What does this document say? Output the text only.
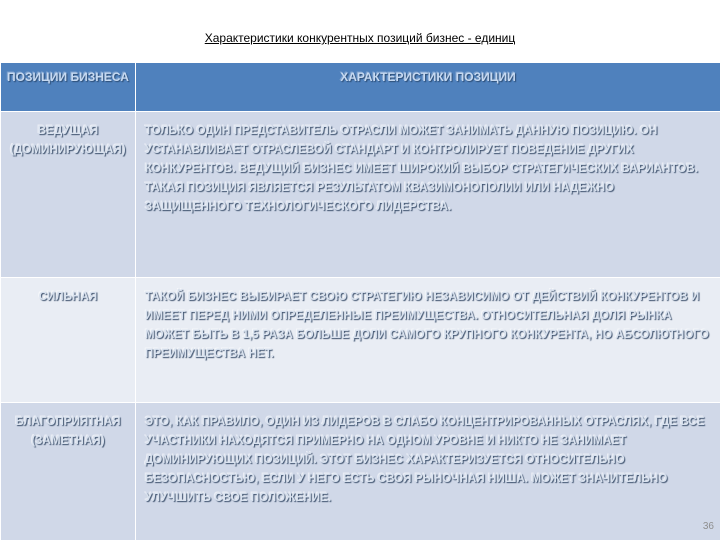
Характеристики конкурентных позиций бизнес - единиц
ПОЗИЦИИ БИЗНЕСА	ХАРАКТЕРИСТИКИ ПОЗИЦИИ
ВЕДУЩАЯ (ДОМИНИРУЮЩАЯ)	ТОЛЬКО ОДИН ПРЕДСТАВИТЕЛЬ ОТРАСЛИ МОЖЕТ ЗАНИМАТЬ ДАННУЮ ПОЗИЦИЮ. ОН УСТАНАВЛИВАЕТ ОТРАСЛЕВОЙ СТАНДАРТ И КОНТРОЛИРУЕТ ПОВЕДЕНИЕ ДРУГИХ КОНКУРЕНТОВ. ВЕДУЩИЙ БИЗНЕС ИМЕЕТ ШИРОКИЙ ВЫБОР СТРАТЕГИЧЕСКИХ ВАРИАНТОВ. ТАКАЯ ПОЗИЦИЯ ЯВЛЯЕТСЯ РЕЗУЛЬТАТОМ КВАЗИМОНОПОЛИИ ИЛИ НАДЕЖНО ЗАЩИЩЕННОГО ТЕХНОЛОГИЧЕСКОГО ЛИДЕРСТВА.
СИЛЬНАЯ	ТАКОЙ БИЗНЕС ВЫБИРАЕТ СВОЮ СТРАТЕГИЮ НЕЗАВИСИМО ОТ ДЕЙСТВИЙ КОНКУРЕНТОВ И ИМЕЕТ ПЕРЕД НИМИ ОПРЕДЕЛЕННЫЕ ПРЕИМУЩЕСТВА. ОТНОСИТЕЛЬНАЯ ДОЛЯ РЫНКА МОЖЕТ БЫТЬ В 1,5 РАЗА БОЛЬШЕ ДОЛИ САМОГО КРУПНОГО КОНКУРЕНТА, НО АБСОЛЮТНОГО ПРЕИМУЩЕСТВА НЕТ.
БЛАГОПРИЯТНАЯ (ЗАМЕТНАЯ)	ЭТО, КАК ПРАВИЛО, ОДИН ИЗ ЛИДЕРОВ В СЛАБО КОНЦЕНТРИРОВАННЫХ ОТРАСЛЯХ, ГДЕ ВСЕ УЧАСТНИКИ НАХОДЯТСЯ ПРИМЕРНО НА ОДНОМ УРОВНЕ И НИКТО НЕ ЗАНИМАЕТ ДОМИНИРУЮЩИХ ПОЗИЦИЙ. ЭТОТ БИЗНЕС ХАРАКТЕРИЗУЕТСЯ ОТНОСИТЕЛЬНО БЕЗОПАСНОСТЬЮ, ЕСЛИ У НЕГО ЕСТЬ СВОЯ РЫНОЧНАЯ НИША. МОЖЕТ ЗНАЧИТЕЛЬНО УЛУЧШИТЬ СВОЕ ПОЛОЖЕНИЕ.
36
